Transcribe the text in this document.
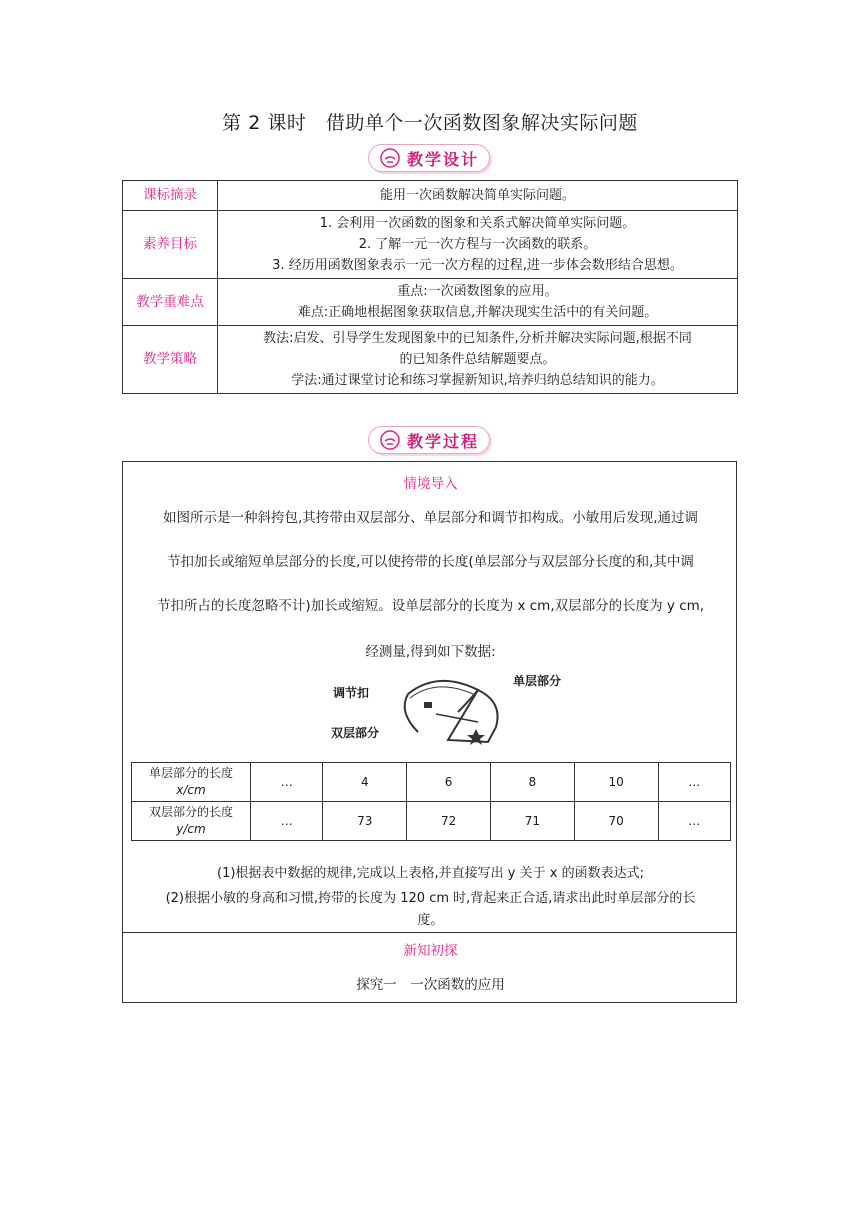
第 2 课时　借助单个一次函数图象解决实际问题
教学设计
课标摘录	能用一次函数解决简单实际问题。

素养目标	1. 会利用一次函数的图象和关系式解决简单实际问题。
2. 了解一元一次方程与一次函数的联系。
3. 经历用函数图象表示一元一次方程的过程,进一步体会数形结合思想。

教学重难点	重点:一次函数图象的应用。
难点:正确地根据图象获取信息,并解决现实生活中的有关问题。

教学策略	教法:启发、引导学生发现图象中的已知条件,分析并解决实际问题,根据不同
的已知条件总结解题要点。
学法:通过课堂讨论和练习掌握新知识,培养归纳总结知识的能力。
教学过程
情境导入
如图所示是一种斜挎包,其挎带由双层部分、单层部分和调节扣构成。小敏用后发现,通过调
节扣加长或缩短单层部分的长度,可以使挎带的长度(单层部分与双层部分长度的和,其中调
节扣所占的长度忽略不计)加长或缩短。设单层部分的长度为 x cm,双层部分的长度为 y cm,
经测量,得到如下数据:
调节扣
单层部分
双层部分
单层部分的长度
x/cm	…	4	6	8	10	…

双层部分的长度
y/cm	…	73	72	71	70	…
(1)根据表中数据的规律,完成以上表格,并直接写出 y 关于 x 的函数表达式;
(2)根据小敏的身高和习惯,挎带的长度为 120 cm 时,背起来正合适,请求出此时单层部分的长
度。
新知初探
探究一　一次函数的应用
